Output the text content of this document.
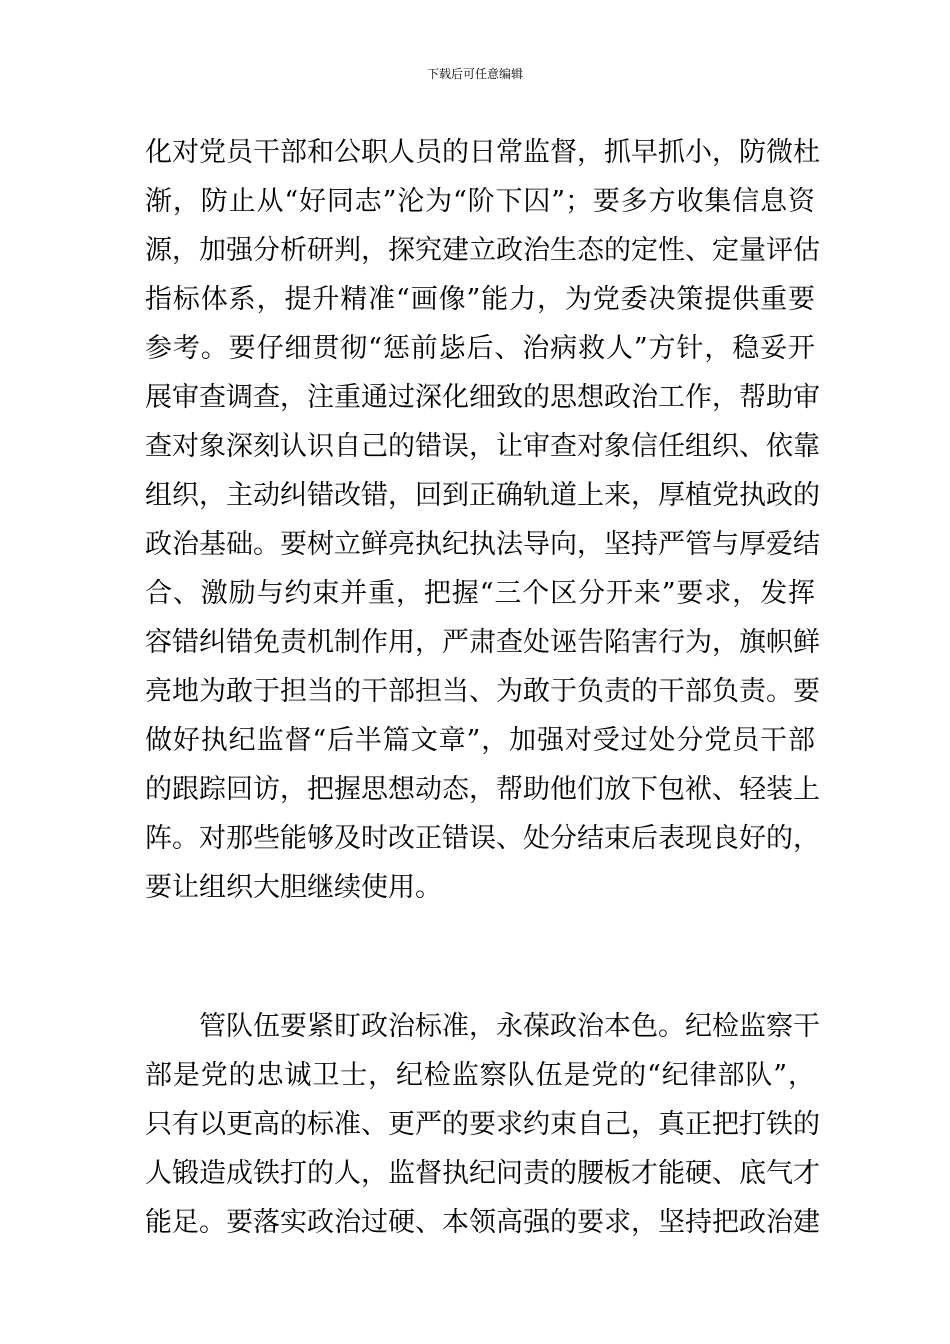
下载后可任意编辑
化对党员干部和公职人员的日常监督，抓早抓小，防微杜
渐，防止从“好同志”沦为“阶下囚”；要多方收集信息资
源，加强分析研判，探究建立政治生态的定性、定量评估
指标体系，提升精准“画像”能力，为党委决策提供重要
参考。要仔细贯彻“惩前毖后、治病救人”方针，稳妥开
展审查调查，注重通过深化细致的思想政治工作，帮助审
查对象深刻认识自己的错误，让审查对象信任组织、依靠
组织，主动纠错改错，回到正确轨道上来，厚植党执政的
政治基础。要树立鲜亮执纪执法导向，坚持严管与厚爱结
合、激励与约束并重，把握“三个区分开来”要求，发挥
容错纠错免责机制作用，严肃查处诬告陷害行为，旗帜鲜
亮地为敢于担当的干部担当、为敢于负责的干部负责。要
做好执纪监督“后半篇文章”，加强对受过处分党员干部
的跟踪回访，把握思想动态，帮助他们放下包袱、轻装上
阵。对那些能够及时改正错误、处分结束后表现良好的，
要让组织大胆继续使用。
管队伍要紧盯政治标准，永葆政治本色。纪检监察干
部是党的忠诚卫士，纪检监察队伍是党的“纪律部队”，
只有以更高的标准、更严的要求约束自己，真正把打铁的
人锻造成铁打的人，监督执纪问责的腰板才能硬、底气才
能足。要落实政治过硬、本领高强的要求，坚持把政治建
